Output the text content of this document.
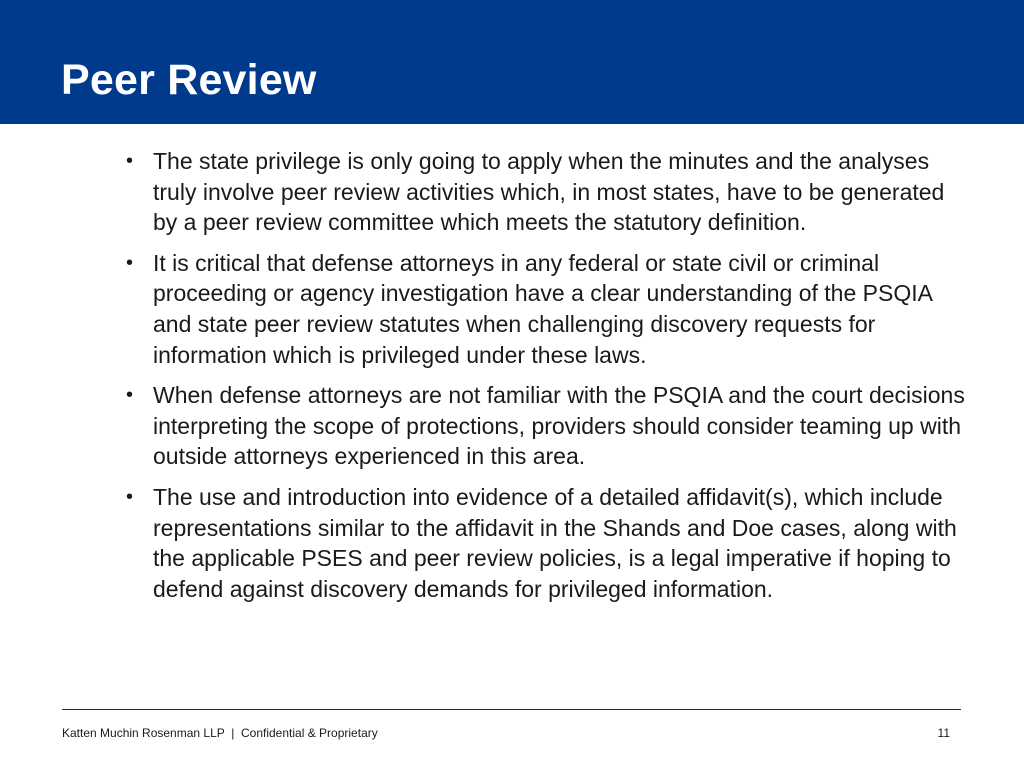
Peer Review
• The state privilege is only going to apply when the minutes and the analyses truly involve peer review activities which, in most states, have to be generated by a peer review committee which meets the statutory definition.
• It is critical that defense attorneys in any federal or state civil or criminal proceeding or agency investigation have a clear understanding of the PSQIA and state peer review statutes when challenging discovery requests for information which is privileged under these laws.
• When defense attorneys are not familiar with the PSQIA and the court decisions interpreting the scope of protections, providers should consider teaming up with outside attorneys experienced in this area.
• The use and introduction into evidence of a detailed affidavit(s), which include representations similar to the affidavit in the Shands and Doe cases, along with the applicable PSES and peer review policies, is a legal imperative if hoping to defend against discovery demands for privileged information.
Katten Muchin Rosenman LLP  |  Confidential & Proprietary	11
